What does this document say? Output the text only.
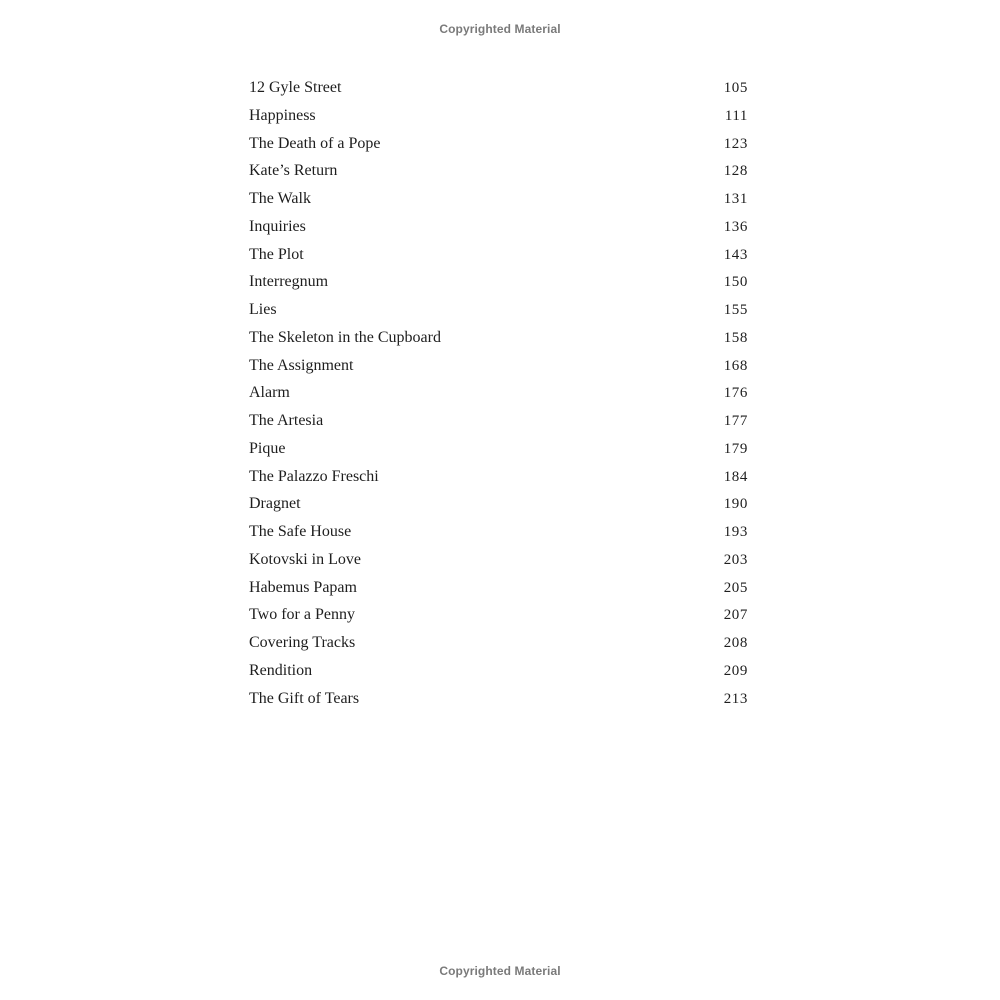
Copyrighted Material
12 Gyle Street	105
Happiness	111
The Death of a Pope	123
Kate’s Return	128
The Walk	131
Inquiries	136
The Plot	143
Interregnum	150
Lies	155
The Skeleton in the Cupboard	158
The Assignment	168
Alarm	176
The Artesia	177
Pique	179
The Palazzo Freschi	184
Dragnet	190
The Safe House	193
Kotovski in Love	203
Habemus Papam	205
Two for a Penny	207
Covering Tracks	208
Rendition	209
The Gift of Tears	213
Copyrighted Material
